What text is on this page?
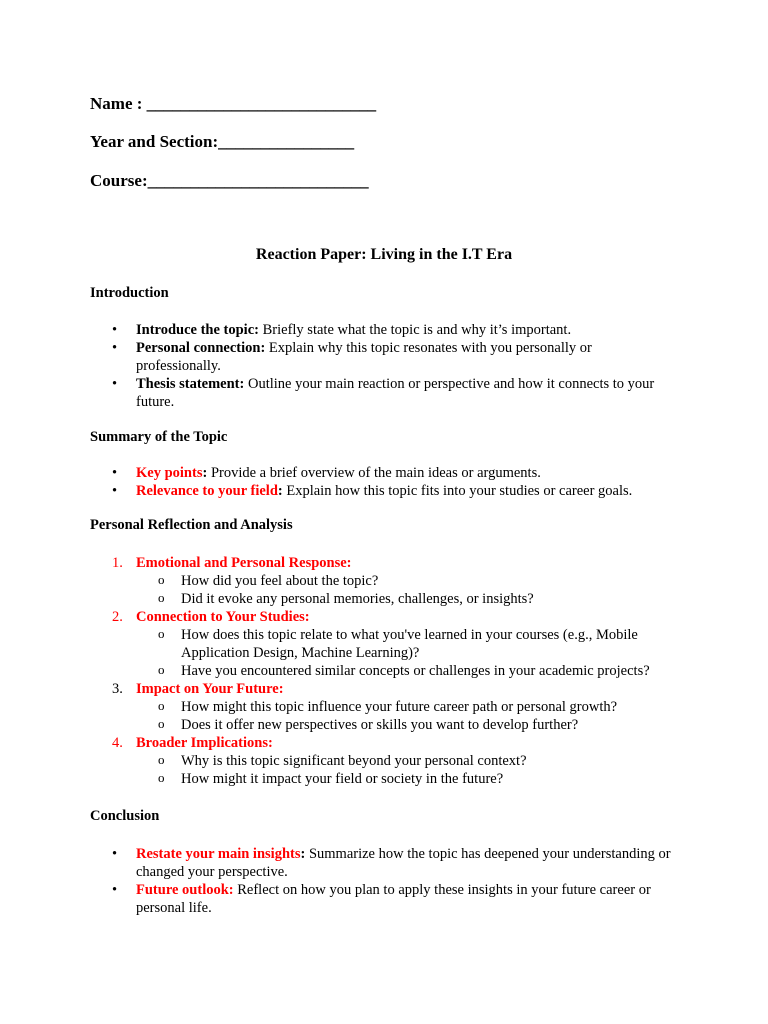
Name : ___________________________
Year and Section:________________
Course:__________________________
Reaction Paper: Living in the I.T Era
Introduction
• Introduce the topic: Briefly state what the topic is and why it’s important.
• Personal connection: Explain why this topic resonates with you personally or professionally.
• Thesis statement: Outline your main reaction or perspective and how it connects to your future.
Summary of the Topic
• Key points: Provide a brief overview of the main ideas or arguments.
• Relevance to your field: Explain how this topic fits into your studies or career goals.
Personal Reflection and Analysis
1. Emotional and Personal Response:
o How did you feel about the topic?
o Did it evoke any personal memories, challenges, or insights?
2. Connection to Your Studies:
o How does this topic relate to what you've learned in your courses (e.g., Mobile Application Design, Machine Learning)?
o Have you encountered similar concepts or challenges in your academic projects?
3. Impact on Your Future:
o How might this topic influence your future career path or personal growth?
o Does it offer new perspectives or skills you want to develop further?
4. Broader Implications:
o Why is this topic significant beyond your personal context?
o How might it impact your field or society in the future?
Conclusion
• Restate your main insights: Summarize how the topic has deepened your understanding or changed your perspective.
• Future outlook: Reflect on how you plan to apply these insights in your future career or personal life.
